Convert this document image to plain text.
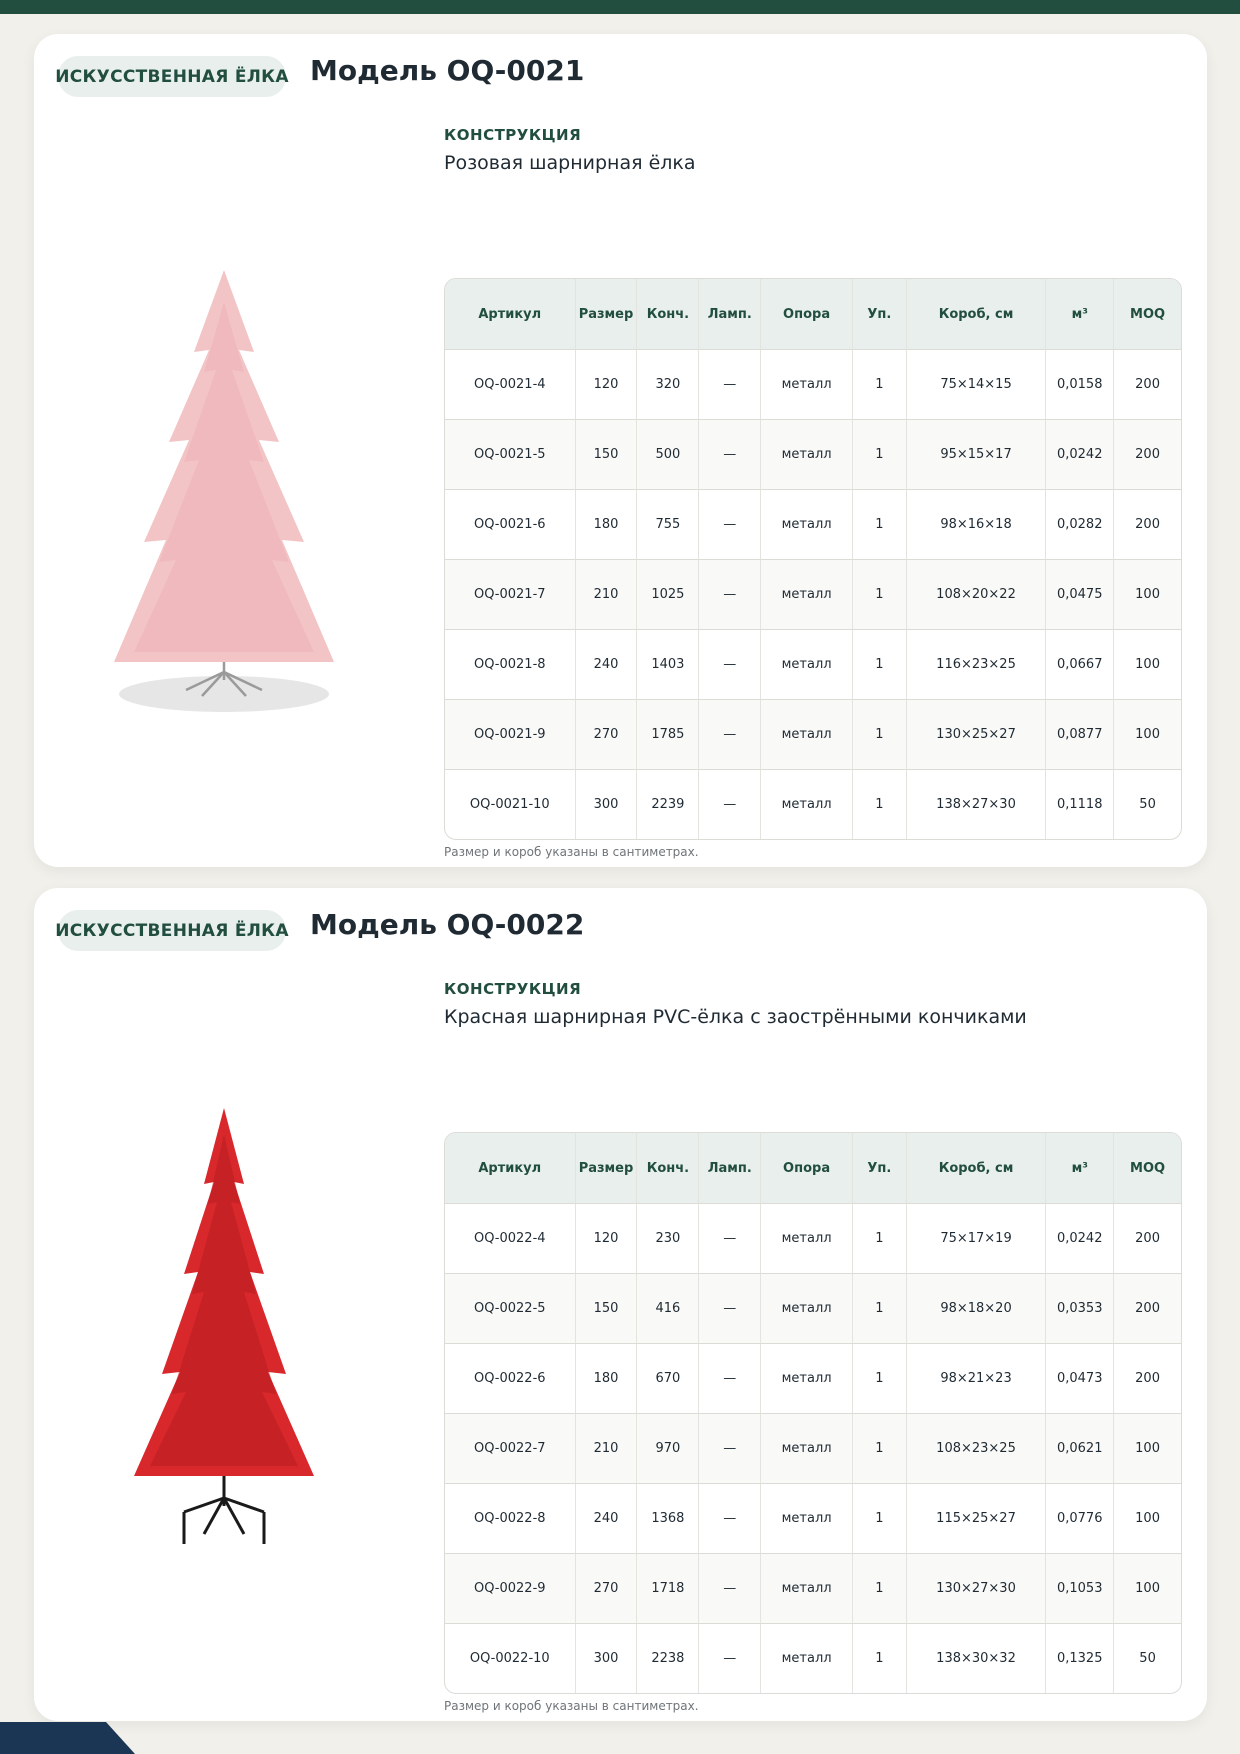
ИСКУССТВЕННАЯ ЁЛКА Модель OQ-0021
КОНСТРУКЦИЯ
Розовая шарнирная ёлка
Артикул	Размер	Конч.	Ламп.	Опора	Уп.	Короб, см	м³	MOQ
OQ-0021-4	120	320	—	металл	1	75×14×15	0,0158	200
OQ-0021-5	150	500	—	металл	1	95×15×17	0,0242	200
OQ-0021-6	180	755	—	металл	1	98×16×18	0,0282	200
OQ-0021-7	210	1025	—	металл	1	108×20×22	0,0475	100
OQ-0021-8	240	1403	—	металл	1	116×23×25	0,0667	100
OQ-0021-9	270	1785	—	металл	1	130×25×27	0,0877	100
OQ-0021-10	300	2239	—	металл	1	138×27×30	0,1118	50
Размер и короб указаны в сантиметрах.
ИСКУССТВЕННАЯ ЁЛКА Модель OQ-0022
КОНСТРУКЦИЯ
Красная шарнирная PVC-ёлка с заострёнными кончиками
Артикул	Размер	Конч.	Ламп.	Опора	Уп.	Короб, см	м³	MOQ
OQ-0022-4	120	230	—	металл	1	75×17×19	0,0242	200
OQ-0022-5	150	416	—	металл	1	98×18×20	0,0353	200
OQ-0022-6	180	670	—	металл	1	98×21×23	0,0473	200
OQ-0022-7	210	970	—	металл	1	108×23×25	0,0621	100
OQ-0022-8	240	1368	—	металл	1	115×25×27	0,0776	100
OQ-0022-9	270	1718	—	металл	1	130×27×30	0,1053	100
OQ-0022-10	300	2238	—	металл	1	138×30×32	0,1325	50
Размер и короб указаны в сантиметрах.
